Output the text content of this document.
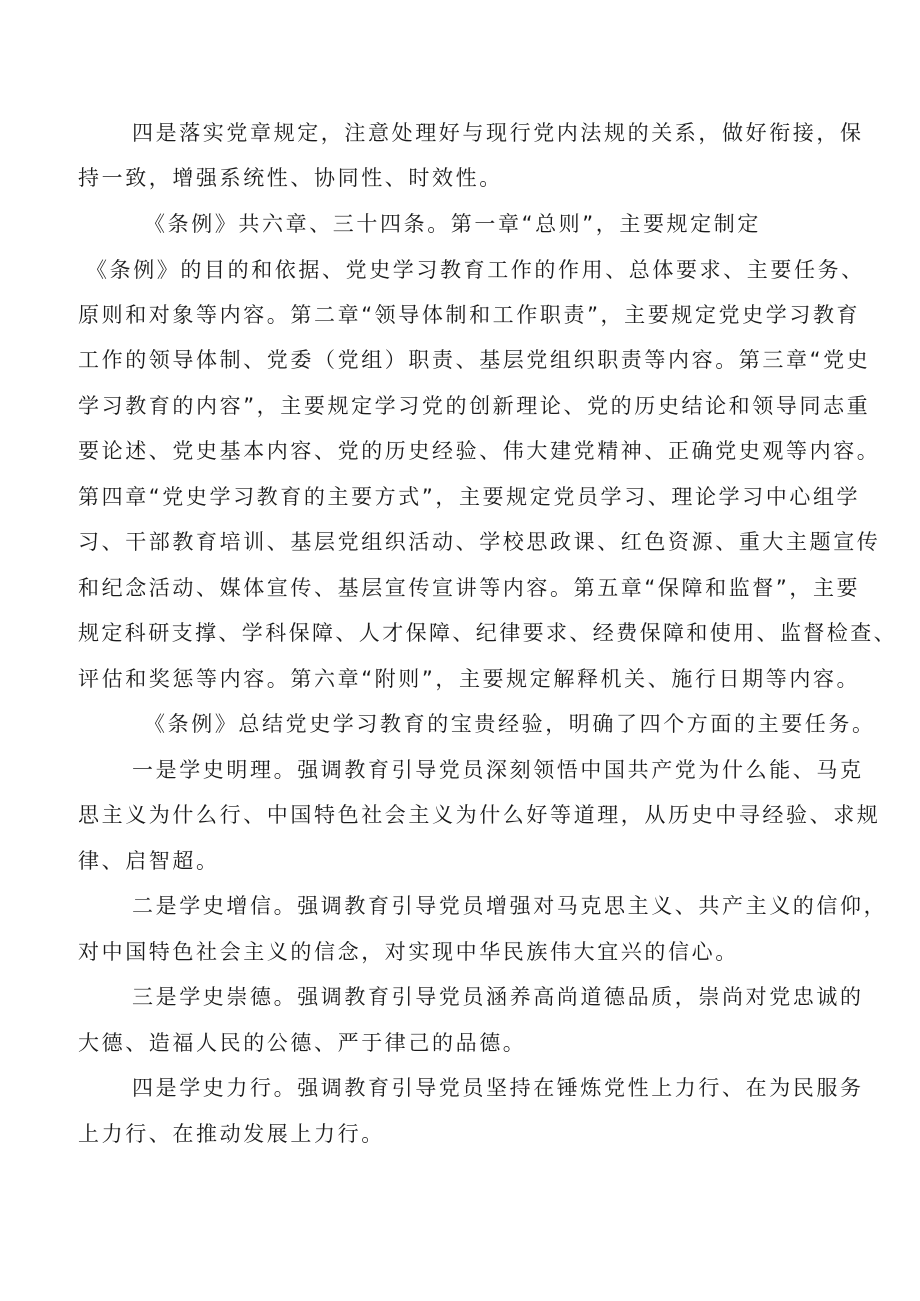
四是落实党章规定，注意处理好与现行党内法规的关系，做好衔接，保
持一致，增强系统性、协同性、时效性。
《条例》共六章、三十四条。第一章“总则”，主要规定制定
《条例》的目的和依据、党史学习教育工作的作用、总体要求、主要任务、
原则和对象等内容。第二章“领导体制和工作职责”，主要规定党史学习教育
工作的领导体制、党委（党组）职责、基层党组织职责等内容。第三章“党史
学习教育的内容”，主要规定学习党的创新理论、党的历史结论和领导同志重
要论述、党史基本内容、党的历史经验、伟大建党精神、正确党史观等内容。
第四章“党史学习教育的主要方式”，主要规定党员学习、理论学习中心组学
习、干部教育培训、基层党组织活动、学校思政课、红色资源、重大主题宣传
和纪念活动、媒体宣传、基层宣传宣讲等内容。第五章“保障和监督”，主要
规定科研支撑、学科保障、人才保障、纪律要求、经费保障和使用、监督检查、
评估和奖惩等内容。第六章“附则”，主要规定解释机关、施行日期等内容。
《条例》总结党史学习教育的宝贵经验，明确了四个方面的主要任务。
一是学史明理。强调教育引导党员深刻领悟中国共产党为什么能、马克
思主义为什么行、中国特色社会主义为什么好等道理，从历史中寻经验、求规
律、启智超。
二是学史增信。强调教育引导党员增强对马克思主义、共产主义的信仰，
对中国特色社会主义的信念，对实现中华民族伟大宜兴的信心。
三是学史崇德。强调教育引导党员涵养高尚道德品质，崇尚对党忠诚的
大德、造福人民的公德、严于律己的品德。
四是学史力行。强调教育引导党员坚持在锤炼党性上力行、在为民服务
上力行、在推动发展上力行。
